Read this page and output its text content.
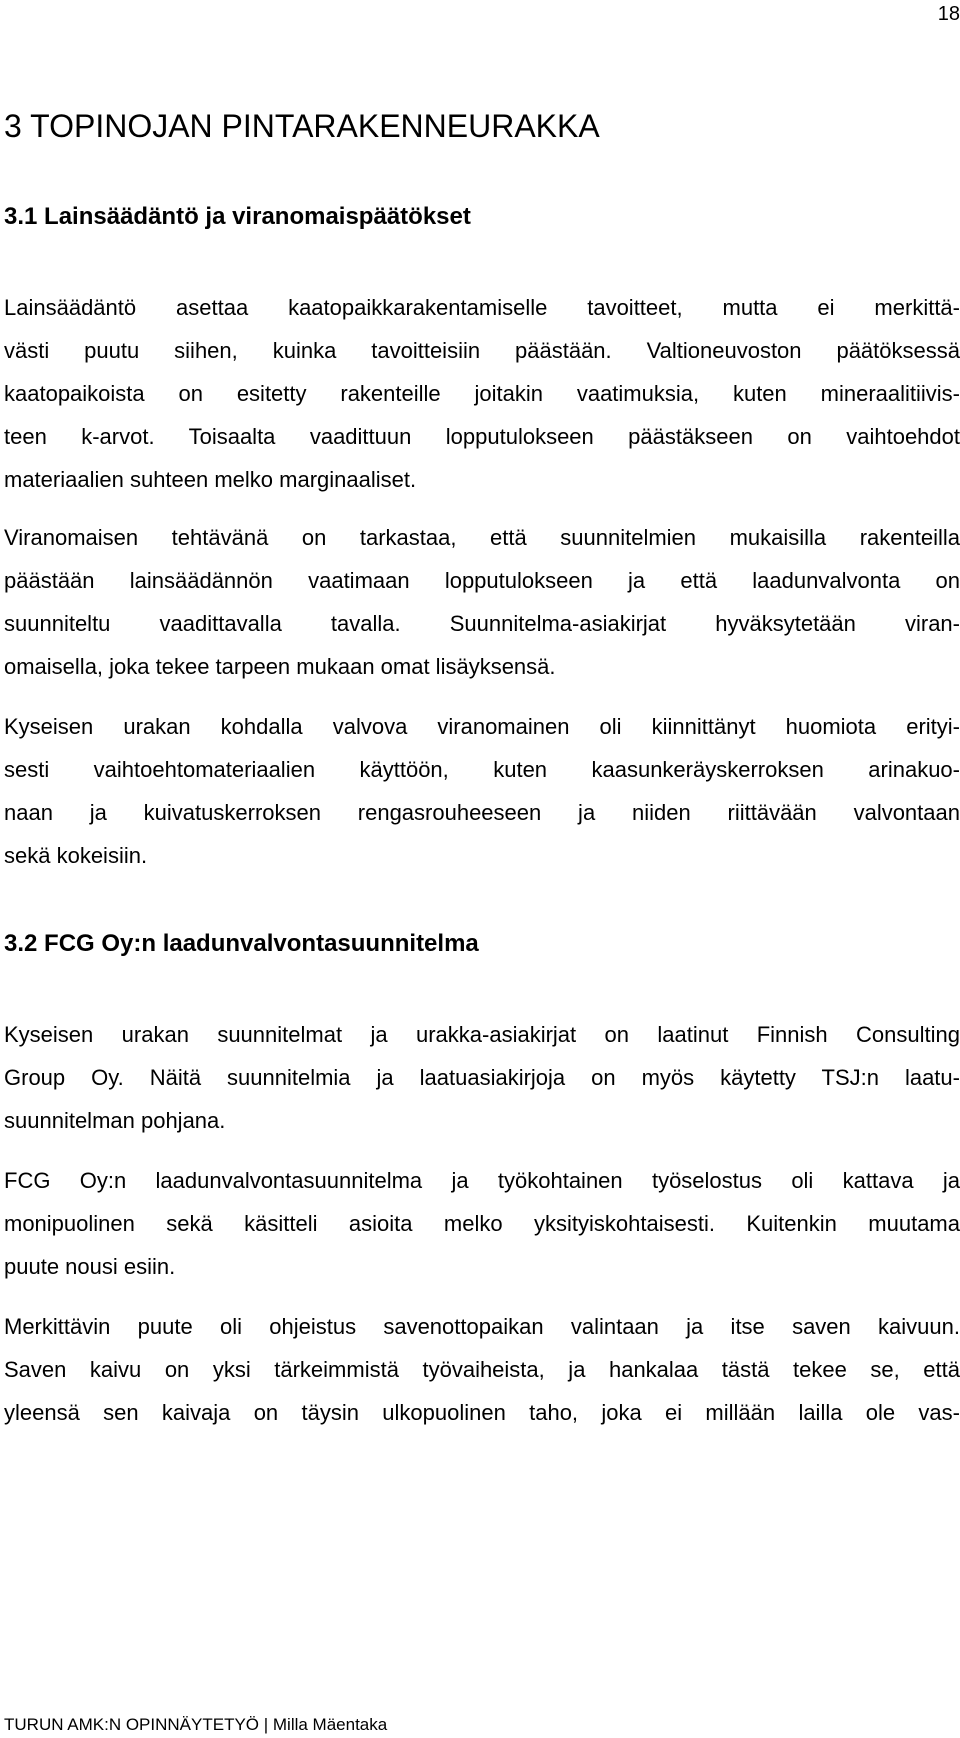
18
3 TOPINOJAN PINTARAKENNEURAKKA
3.1 Lainsäädäntö ja viranomaispäätökset
Lainsäädäntö asettaa kaatopaikkarakentamiselle tavoitteet, mutta ei merkittä-
västi puutu siihen, kuinka tavoitteisiin päästään. Valtioneuvoston päätöksessä
kaatopaikoista on esitetty rakenteille joitakin vaatimuksia, kuten mineraalitiivis-
teen k-arvot. Toisaalta vaadittuun lopputulokseen päästäkseen on vaihtoehdot
materiaalien suhteen melko marginaaliset.
Viranomaisen tehtävänä on tarkastaa, että suunnitelmien mukaisilla rakenteilla
päästään lainsäädännön vaatimaan lopputulokseen ja että laadunvalvonta on
suunniteltu vaadittavalla tavalla. Suunnitelma-asiakirjat hyväksytetään viran-
omaisella, joka tekee tarpeen mukaan omat lisäyksensä.
Kyseisen urakan kohdalla valvova viranomainen oli kiinnittänyt huomiota erityi-
sesti vaihtoehtomateriaalien käyttöön, kuten kaasunkeräyskerroksen arinakuo-
naan ja kuivatuskerroksen rengasrouheeseen ja niiden riittävään valvontaan
sekä kokeisiin.
3.2 FCG Oy:n laadunvalvontasuunnitelma
Kyseisen urakan suunnitelmat ja urakka-asiakirjat on laatinut Finnish Consulting
Group Oy. Näitä suunnitelmia ja laatuasiakirjoja on myös käytetty TSJ:n laatu-
suunnitelman pohjana.
FCG Oy:n laadunvalvontasuunnitelma ja työkohtainen työselostus oli kattava ja
monipuolinen sekä käsitteli asioita melko yksityiskohtaisesti. Kuitenkin muutama
puute nousi esiin.
Merkittävin puute oli ohjeistus savenottopaikan valintaan ja itse saven kaivuun.
Saven kaivu on yksi tärkeimmistä työvaiheista, ja hankalaa tästä tekee se, että
yleensä sen kaivaja on täysin ulkopuolinen taho, joka ei millään lailla ole vas-
TURUN AMK:N OPINNÄYTETYÖ | Milla Mäentaka
